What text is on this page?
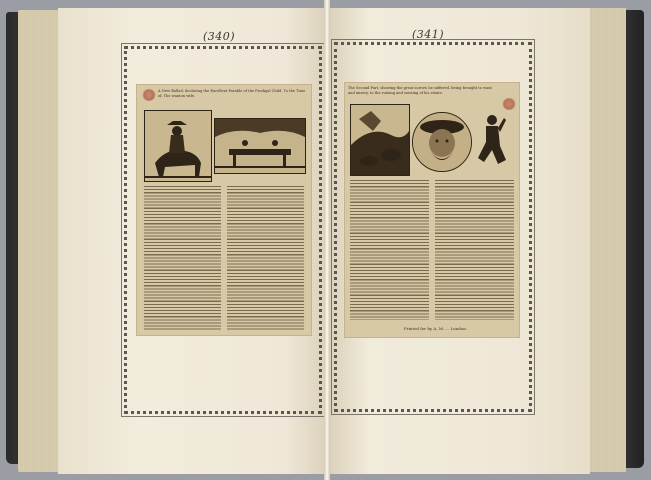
(340)
A New Ballad, declaring the Excellent Parable of the Prodigal Child. To the Tune of, The wanton wife.
(341)
The Second Part, showing the great sorrow he suffered, being brought to want and misery, to the ruining and wasting of his estate.
Printed for by A. M. ... London.
